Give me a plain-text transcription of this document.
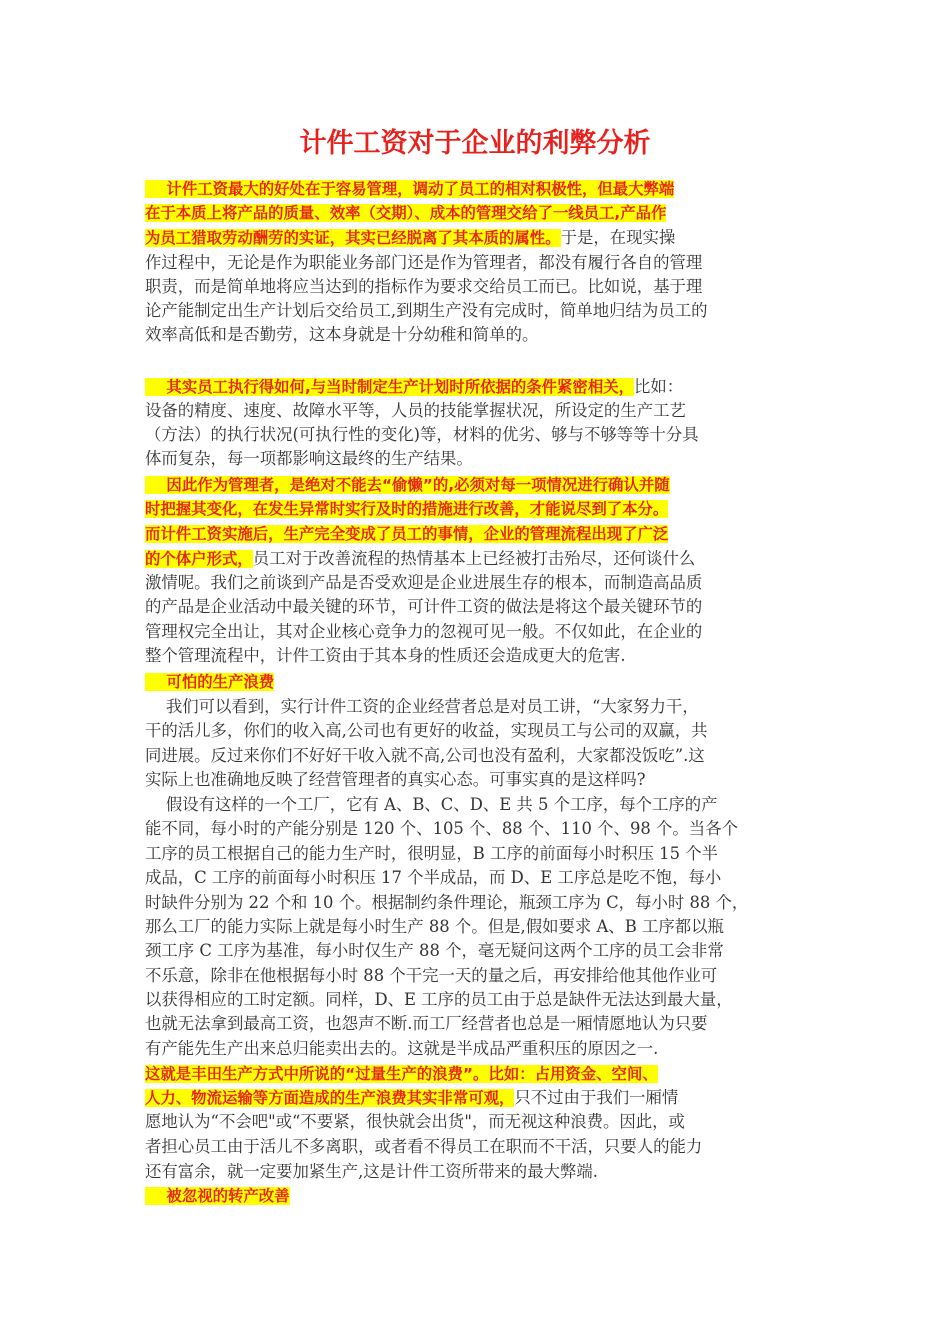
计件工资对于企业的利弊分析

计件工资最大的好处在于容易管理，调动了员工的相对积极性，但最大弊端

在于本质上将产品的质量、效率（交期）、成本的管理交给了一线员工,产品作

为员工猎取劳动酬劳的实证，其实已经脱离了其本质的属性。于是，在现实操

作过程中，无论是作为职能业务部门还是作为管理者，都没有履行各自的管理

职责，而是简单地将应当达到的指标作为要求交给员工而已。比如说，基于理

论产能制定出生产计划后交给员工,到期生产没有完成时，简单地归结为员工的

效率高低和是否勤劳，这本身就是十分幼稚和简单的。

其实员工执行得如何,与当时制定生产计划时所依据的条件紧密相关，比如：

设备的精度、速度、故障水平等，人员的技能掌握状况，所设定的生产工艺

（方法）的执行状况(可执行性的变化)等，材料的优劣、够与不够等等十分具

体而复杂，每一项都影响这最终的生产结果。

因此作为管理者，是绝对不能去“偷懒”的,必须对每一项情况进行确认并随

时把握其变化，在发生异常时实行及时的措施进行改善，才能说尽到了本分。

而计件工资实施后，生产完全变成了员工的事情，企业的管理流程出现了广泛

的个体户形式，员工对于改善流程的热情基本上已经被打击殆尽，还何谈什么

激情呢。我们之前谈到产品是否受欢迎是企业进展生存的根本，而制造高品质

的产品是企业活动中最关键的环节，可计件工资的做法是将这个最关键环节的

管理权完全出让，其对企业核心竞争力的忽视可见一般。不仅如此，在企业的

整个管理流程中，计件工资由于其本身的性质还会造成更大的危害.

可怕的生产浪费

我们可以看到，实行计件工资的企业经营者总是对员工讲，“大家努力干，

干的活儿多，你们的收入高,公司也有更好的收益，实现员工与公司的双赢，共

同进展。反过来你们不好好干收入就不高,公司也没有盈利，大家都没饭吃”.这

实际上也准确地反映了经营管理者的真实心态。可事实真的是这样吗?

假设有这样的一个工厂，它有 A、B、C、D、E 共 5 个工序，每个工序的产

能不同，每小时的产能分别是 120 个、105 个、88 个、110 个、98 个。当各个

工序的员工根据自己的能力生产时，很明显，B 工序的前面每小时积压 15 个半

成品，C 工序的前面每小时积压 17 个半成品，而 D、E 工序总是吃不饱，每小

时缺件分别为 22 个和 10 个。根据制约条件理论，瓶颈工序为 C，每小时 88 个，

那么工厂的能力实际上就是每小时生产 88 个。但是,假如要求 A、B 工序都以瓶

颈工序 C 工序为基准，每小时仅生产 88 个，毫无疑问这两个工序的员工会非常

不乐意，除非在他根据每小时 88 个干完一天的量之后，再安排给他其他作业可

以获得相应的工时定额。同样，D、E 工序的员工由于总是缺件无法达到最大量，

也就无法拿到最高工资，也怨声不断.而工厂经营者也总是一厢情愿地认为只要

有产能先生产出来总归能卖出去的。这就是半成品严重积压的原因之一.

这就是丰田生产方式中所说的“过量生产的浪费”。比如：占用资金、空间、

人力、物流运输等方面造成的生产浪费其实非常可观，只不过由于我们一厢情

愿地认为“不会吧"或“不要紧，很快就会出货"，而无视这种浪费。因此，或

者担心员工由于活儿不多离职，或者看不得员工在职而不干活，只要人的能力

还有富余，就一定要加紧生产,这是计件工资所带来的最大弊端.

被忽视的转产改善
